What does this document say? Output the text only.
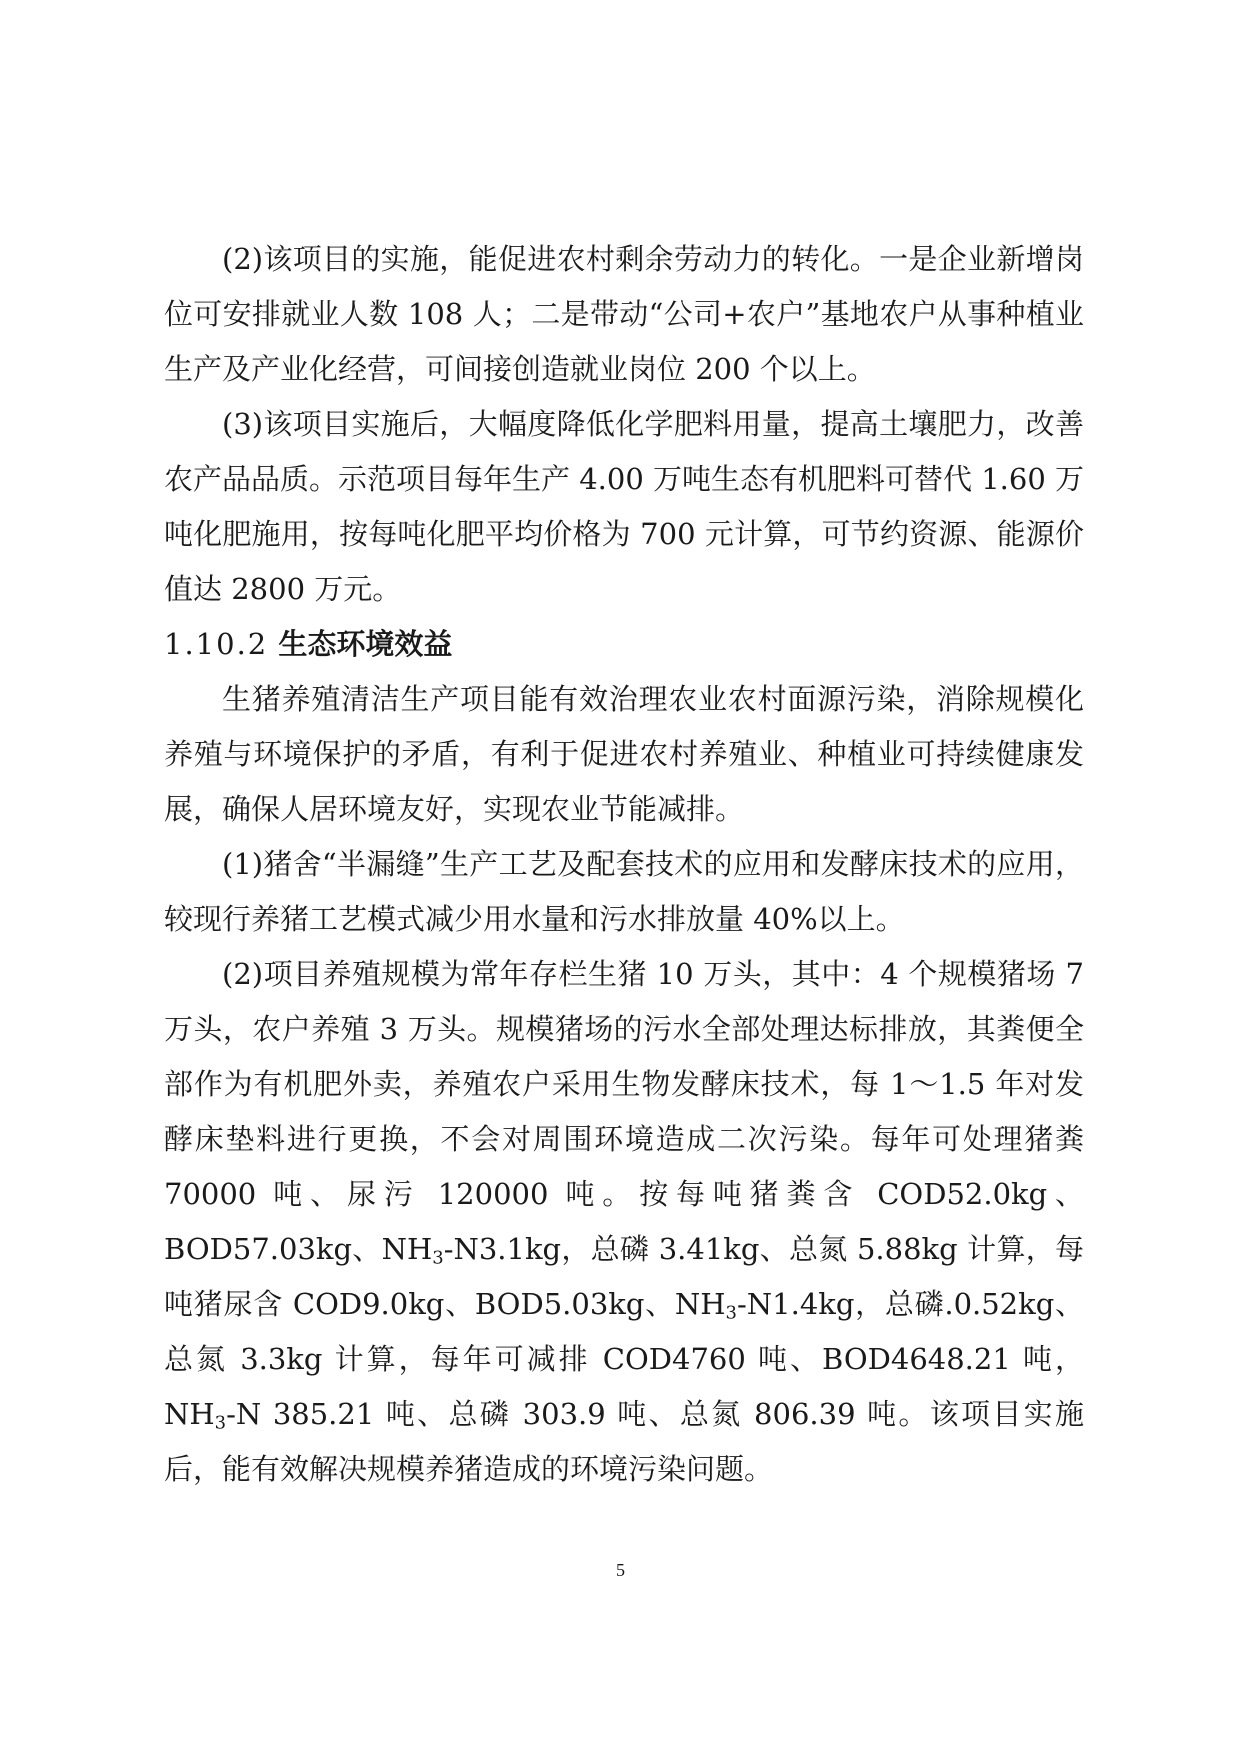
(2)该项目的实施，能促进农村剩余劳动力的转化。一是企业新增岗位可安排就业人数 108 人；二是带动“公司+农户”基地农户从事种植业生产及产业化经营，可间接创造就业岗位 200 个以上。

(3)该项目实施后，大幅度降低化学肥料用量，提高土壤肥力，改善农产品品质。示范项目每年生产 4.00 万吨生态有机肥料可替代 1.60 万吨化肥施用，按每吨化肥平均价格为 700 元计算，可节约资源、能源价值达 2800 万元。

1.10.2 生态环境效益

生猪养殖清洁生产项目能有效治理农业农村面源污染，消除规模化养殖与环境保护的矛盾，有利于促进农村养殖业、种植业可持续健康发展，确保人居环境友好，实现农业节能减排。

(1)猪舍“半漏缝”生产工艺及配套技术的应用和发酵床技术的应用，较现行养猪工艺模式减少用水量和污水排放量 40%以上。

(2)项目养殖规模为常年存栏生猪 10 万头，其中：4 个规模猪场 7 万头，农户养殖 3 万头。规模猪场的污水全部处理达标排放，其粪便全部作为有机肥外卖，养殖农户采用生物发酵床技术，每 1～1.5 年对发酵床垫料进行更换，不会对周围环境造成二次污染。每年可处理猪粪 70000 吨、尿污 120000 吨。按每吨猪粪含 COD52.0kg、BOD57.03kg、$NH_3-N3.1kg$，总磷 3.41kg、总氮 5.88kg 计算，每吨猪尿含 COD9.0kg、BOD5.03kg、$NH_3-N1.4kg$，总磷.0.52kg、总氮 3.3kg 计算，每年可减排 COD4760 吨、BOD4648.21 吨，$NH_3-N$ 385.21 吨、总磷 303.9 吨、总氮 806.39 吨。该项目实施后，能有效解决规模养猪造成的环境污染问题。

5
